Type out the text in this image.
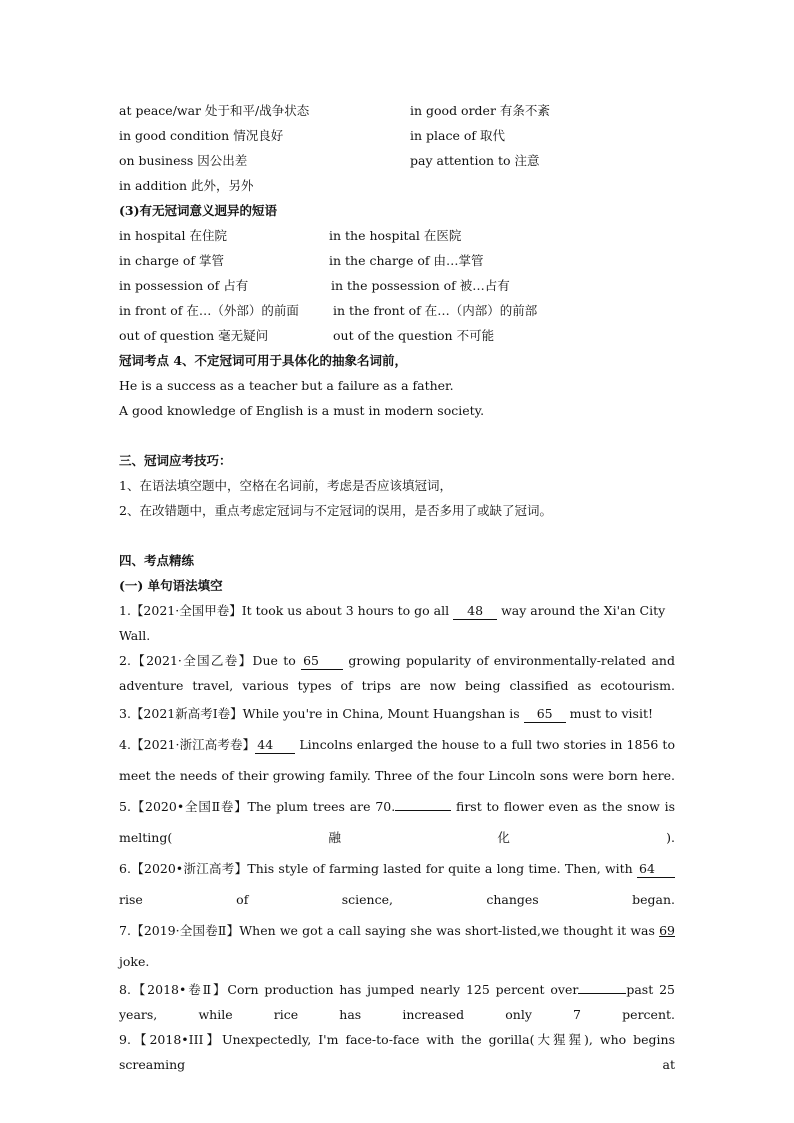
at peace/war 处于和平/战争状态	in good order 有条不紊
in good condition 情况良好	in place of 取代
on business 因公出差	pay attention to 注意
in addition 此外，另外
(3)有无冠词意义迥异的短语
in hospital 在住院	in the hospital 在医院
in charge of 掌管	in the charge of 由…掌管
in possession of 占有	in the possession of 被…占有
in front of 在…（外部）的前面	in the front of 在…（内部）的前部
out of question 毫无疑问	out of the question 不可能
冠词考点 4、不定冠词可用于具体化的抽象名词前，
He is a success as a teacher but a failure as a father.
A good knowledge of English is a must in modern society.
三、冠词应考技巧：
1、在语法填空题中，空格在名词前，考虑是否应该填冠词，
2、在改错题中，重点考虑定冠词与不定冠词的误用，是否多用了或缺了冠词。
四、考点精练
(一) 单句语法填空
1.【2021·全国甲卷】It took us about 3 hours to go all 48 way around the Xi'an City Wall.
2.【2021·全国乙卷】Due to 65 growing popularity of environmentally-related and adventure travel, various types of trips are now being classified as ecotourism.
3.【2021新高考Ⅰ卷】While you're in China, Mount Huangshan is 65 must to visit!
4.【2021·浙江高考卷】 44 Lincolns enlarged the house to a full two stories in 1856 to meet the needs of their growing family. Three of the four Lincoln sons were born here.
5.【2020•全国Ⅱ卷】The plum trees are 70.	first to flower even as the snow is melting(融化).
6.【2020•浙江高考】This style of farming lasted for quite a long time. Then, with 64 rise of science, changes began.
7.【2019·全国卷Ⅱ】When we got a call saying she was short-listed,we thought it was 69 joke.
8.【2018•卷Ⅱ】Corn production has jumped nearly 125 percent over	past 25 years, while rice has increased only 7 percent.
9.【2018•III】Unexpectedly, I'm face-to-face with the gorilla(大猩猩), who begins screaming at
